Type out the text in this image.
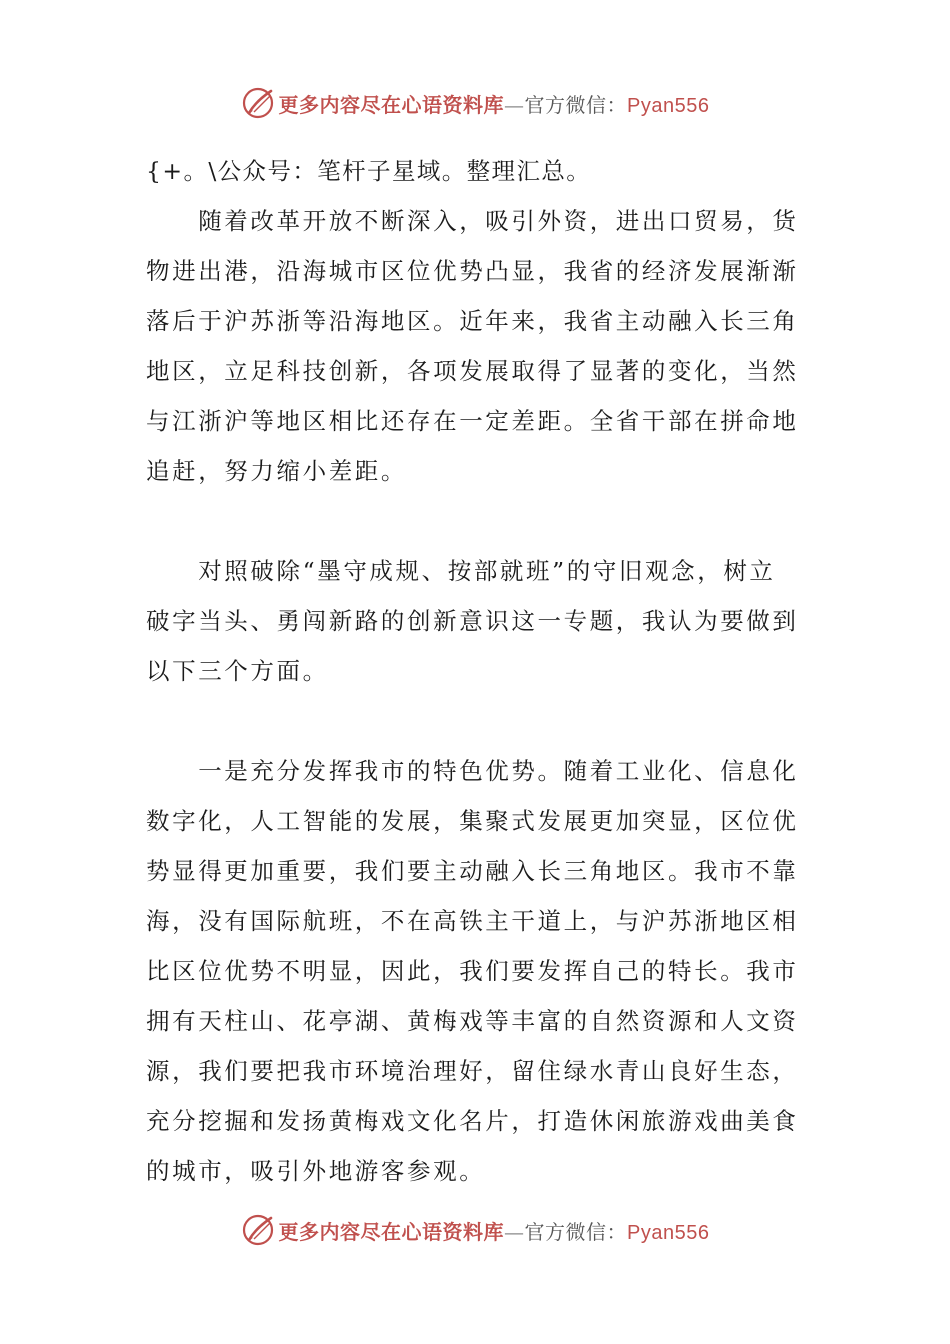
更多内容尽在心语资料库—官方微信：Pyan556
{+。\公众号：笔杆子星域。整理汇总。
　　随着改革开放不断深入，吸引外资，进出口贸易，货
物进出港，沿海城市区位优势凸显，我省的经济发展渐渐
落后于沪苏浙等沿海地区。近年来，我省主动融入长三角
地区，立足科技创新，各项发展取得了显著的变化，当然
与江浙沪等地区相比还存在一定差距。全省干部在拼命地
追赶，努力缩小差距。
　　对照破除“墨守成规、按部就班”的守旧观念，树立
破字当头、勇闯新路的创新意识这一专题，我认为要做到
以下三个方面。
　　一是充分发挥我市的特色优势。随着工业化、信息化
数字化，人工智能的发展，集聚式发展更加突显，区位优
势显得更加重要，我们要主动融入长三角地区。我市不靠
海，没有国际航班，不在高铁主干道上，与沪苏浙地区相
比区位优势不明显，因此，我们要发挥自己的特长。我市
拥有天柱山、花亭湖、黄梅戏等丰富的自然资源和人文资
源，我们要把我市环境治理好，留住绿水青山良好生态，
充分挖掘和发扬黄梅戏文化名片，打造休闲旅游戏曲美食
的城市，吸引外地游客参观。
更多内容尽在心语资料库—官方微信：Pyan556
